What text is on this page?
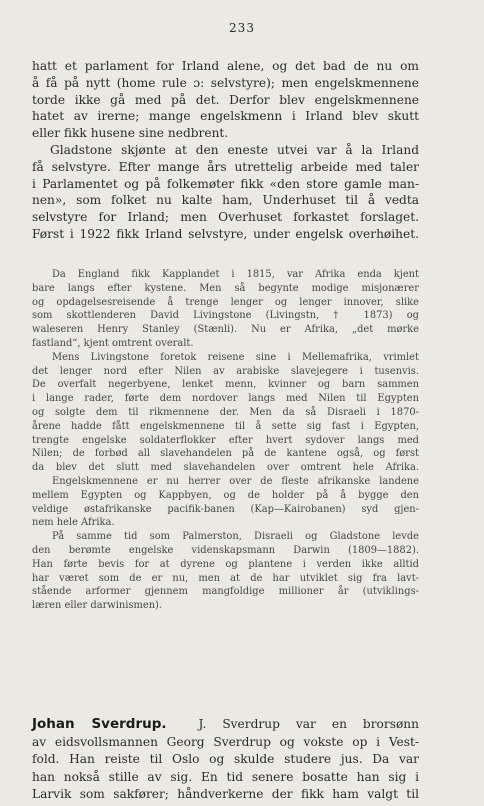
233
hatt et parlament for Irland alene, og det bad de nu om
å få på nytt (home rule ɔ: selvstyre); men engelskmennene
torde ikke gå med på det. Derfor blev engelskmennene
hatet av irerne; mange engelskmenn i Irland blev skutt
eller fikk husene sine nedbrent.
Gladstone skjønte at den eneste utvei var å la Irland
få selvstyre. Efter mange års utrettelig arbeide med taler
i Parlamentet og på folkemøter fikk «den store gamle man-
nen», som folket nu kalte ham, Underhuset til å vedta
selvstyre for Irland; men Overhuset forkastet forslaget.
Først i 1922 fikk Irland selvstyre, under engelsk overhøihet.
Da England fikk Kapplandet i 1815, var Afrika enda kjent
bare langs efter kystene. Men så begynte modige misjonærer
og opdagelsesreisende å trenge lenger og lenger innover, slike
som skottlenderen David Livingstone (Livingstn, † 1873) og
waleseren Henry Stanley (Stænli). Nu er Afrika, „det mørke
fastland“, kjent omtrent overalt.
Mens Livingstone foretok reisene sine i Mellemafrika, vrimlet
det lenger nord efter Nilen av arabiske slavejegere i tusenvis.
De overfalt negerbyene, lenket menn, kvinner og barn sammen
i lange rader, førte dem nordover langs med Nilen til Egypten
og solgte dem til rikmennene der. Men da så Disraeli i 1870-
årene hadde fått engelskmennene til å sette sig fast i Egypten,
trengte engelske soldaterflokker efter hvert sydover langs med
Nilen; de forbød all slavehandelen på de kantene også, og først
da blev det slutt med slavehandelen over omtrent hele Afrika.
Engelskmennene er nu herrer over de fleste afrikanske landene
mellem Egypten og Kappbyen, og de holder på å bygge den
veldige østafrikanske pacifik-banen (Kap—Kairobanen) syd gjen-
nem hele Afrika.
På samme tid som Palmerston, Disraeli og Gladstone levde
den berømte engelske videnskapsmann Darwin (1809—1882).
Han førte bevis for at dyrene og plantene i verden ikke alltid
har været som de er nu, men at de har utviklet sig fra lavt-
stående arformer gjennem mangfoldige millioner år (utviklings-
læren eller darwinismen).
Johan Sverdrup.	J. Sverdrup var en brorsønn
av eidsvollsmannen Georg Sverdrup og vokste op i Vest-
fold. Han reiste til Oslo og skulde studere jus. Da var
han nokså stille av sig. En tid senere bosatte han sig i
Larvik som sakfører; håndverkerne der fikk ham valgt til
